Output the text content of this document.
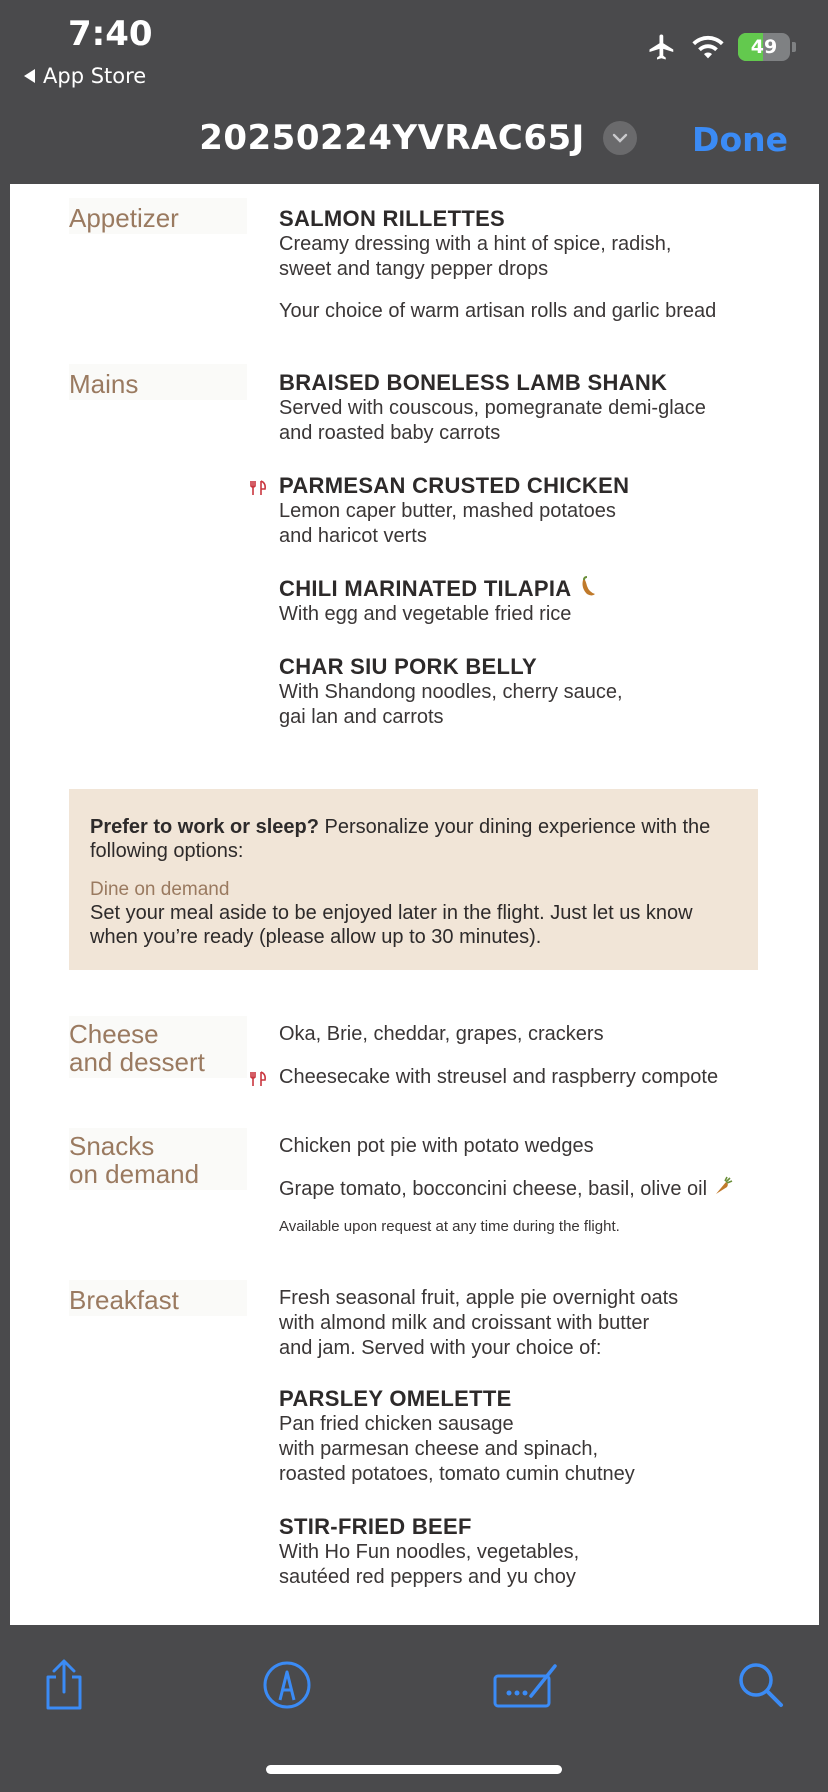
7:40
App Store
49
20250224YVRAC65J	Done
Appetizer	SALMON RILLETTES
Creamy dressing with a hint of spice, radish,
sweet and tangy pepper drops
Your choice of warm artisan rolls and garlic bread
Mains	BRAISED BONELESS LAMB SHANK
Served with couscous, pomegranate demi-glace
and roasted baby carrots
PARMESAN CRUSTED CHICKEN
Lemon caper butter, mashed potatoes
and haricot verts
CHILI MARINATED TILAPIA
With egg and vegetable fried rice
CHAR SIU PORK BELLY
With Shandong noodles, cherry sauce,
gai lan and carrots
Prefer to work or sleep? Personalize your dining experience with the following options:
Dine on demand
Set your meal aside to be enjoyed later in the flight. Just let us know when you’re ready (please allow up to 30 minutes).
Cheese
and dessert
Oka, Brie, cheddar, grapes, crackers
Cheesecake with streusel and raspberry compote
Snacks
on demand
Chicken pot pie with potato wedges
Grape tomato, bocconcini cheese, basil, olive oil
Available upon request at any time during the flight.
Breakfast	Fresh seasonal fruit, apple pie overnight oats
with almond milk and croissant with butter
and jam. Served with your choice of:
PARSLEY OMELETTE
Pan fried chicken sausage
with parmesan cheese and spinach,
roasted potatoes, tomato cumin chutney
STIR-FRIED BEEF
With Ho Fun noodles, vegetables,
sautéed red peppers and yu choy
